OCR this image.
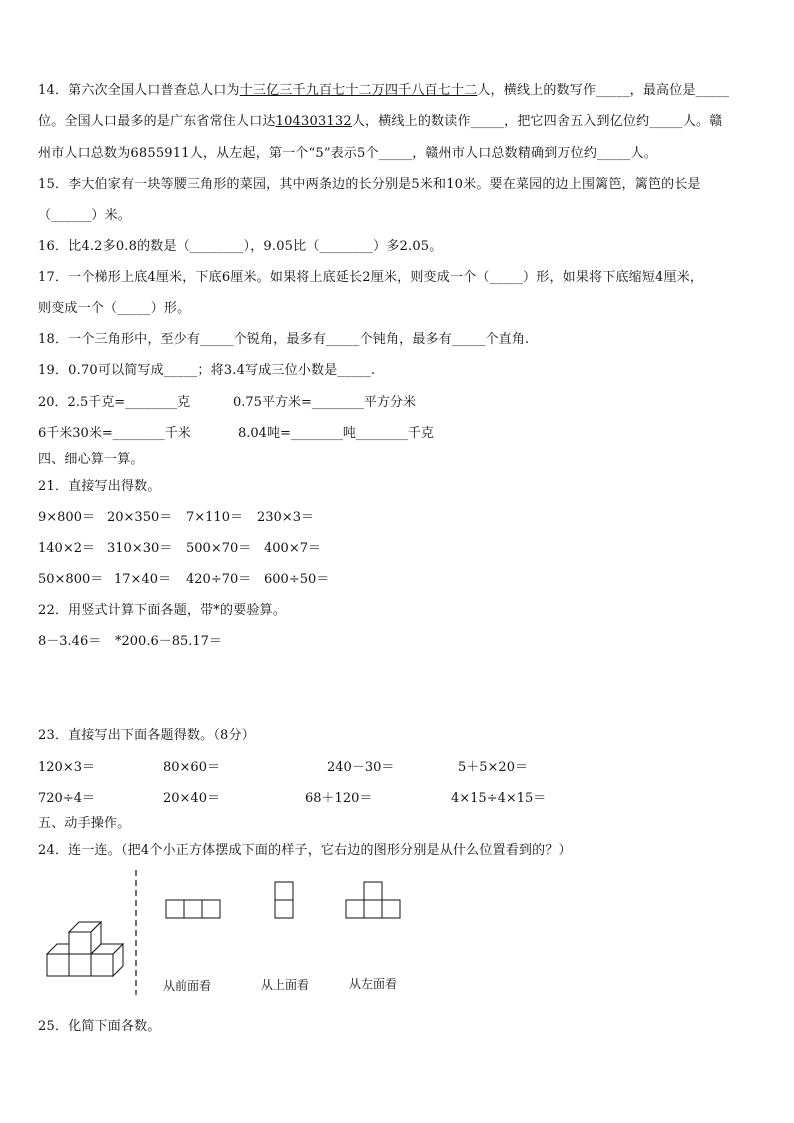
14．第六次全国人口普查总人口为十三亿三千九百七十二万四千八百七十二人，横线上的数写作_____，最高位是_____
位。全国人口最多的是广东省常住人口达104303132人，横线上的数读作_____，把它四舍五入到亿位约_____人。赣
州市人口总数为6855911人，从左起，第一个“5”表示5个_____，赣州市人口总数精确到万位约_____人。
15．李大伯家有一块等腰三角形的菜园，其中两条边的长分别是5米和10米。要在菜园的边上围篱笆，篱笆的长是
（______）米。
16．比4.2多0.8的数是（________），9.05比（________）多2.05。
17．一个梯形上底4厘米，下底6厘米。如果将上底延长2厘米，则变成一个（_____）形，如果将下底缩短4厘米，
则变成一个（_____）形。
18．一个三角形中，至少有_____个锐角，最多有_____个钝角，最多有_____个直角.
19．0.70可以简写成_____；将3.4写成三位小数是_____.
20．2.5千克=________克	0.75平方米=________平方分米
6千米30米=________千米	8.04吨=________吨________千克
四、细心算一算。
21．直接写出得数。
9×800＝ 20×350＝ 7×110＝ 230×3＝
140×2＝ 310×30＝ 500×70＝ 400×7＝
50×800＝ 17×40＝ 420÷70＝ 600÷50＝
22．用竖式计算下面各题，带*的要验算。
8－3.46＝ *200.6－85.17＝
23．直接写出下面各题得数。（8分）
120×3＝	80×60＝	240－30＝	5＋5×20＝
720÷4＝	20×40＝	68＋120＝	4×15÷4×15＝
五、动手操作。
24．连一连。（把4个小正方体摆成下面的样子，它右边的图形分别是从什么位置看到的？）
从前面看	从上面看	从左面看
25．化简下面各数。
